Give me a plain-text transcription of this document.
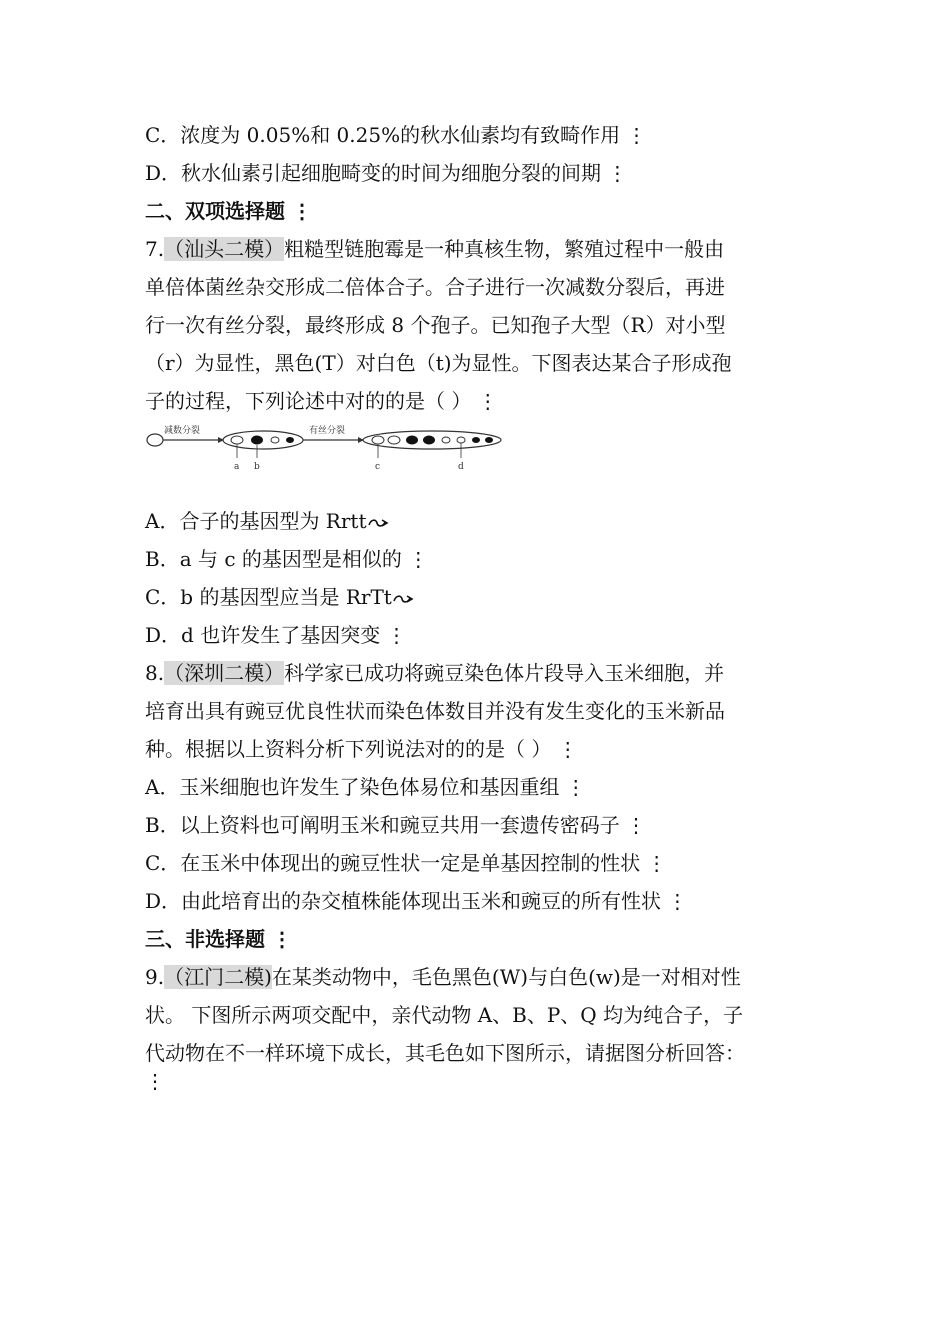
C．浓度为 0.05%和 0.25%的秋水仙素均有致畸作用 ⋮
D．秋水仙素引起细胞畸变的时间为细胞分裂的间期 ⋮
二、双项选择题 ⋮
7.（汕头二模）粗糙型链胞霉是一种真核生物，繁殖过程中一般由
单倍体菌丝杂交形成二倍体合子。合子进行一次减数分裂后，再进
行一次有丝分裂，最终形成 8 个孢子。已知孢子大型（R）对小型
（r）为显性，黑色(T）对白色（t)为显性。下图表达某合子形成孢
子的过程，下列论述中对的的是（ ） ⋮
减数分裂
a b
有丝分裂
c	d
A．合子的基因型为 Rrtt
B．a 与 c 的基因型是相似的 ⋮
C．b 的基因型应当是 RrTt
D．d 也许发生了基因突变 ⋮
8.（深圳二模）科学家已成功将豌豆染色体片段导入玉米细胞，并
培育出具有豌豆优良性状而染色体数目并没有发生变化的玉米新品
种。根据以上资料分析下列说法对的的是（ ） ⋮
A．玉米细胞也许发生了染色体易位和基因重组 ⋮
B．以上资料也可阐明玉米和豌豆共用一套遗传密码子 ⋮
C．在玉米中体现出的豌豆性状一定是单基因控制的性状 ⋮
D．由此培育出的杂交植株能体现出玉米和豌豆的所有性状 ⋮
三、非选择题 ⋮
9.（江门二模)在某类动物中，毛色黑色(W)与白色(w)是一对相对性
状。 下图所示两项交配中，亲代动物 A、B、P、Q 均为纯合子，子
代动物在不一样环境下成长，其毛色如下图所示，请据图分析回答：
⋮
